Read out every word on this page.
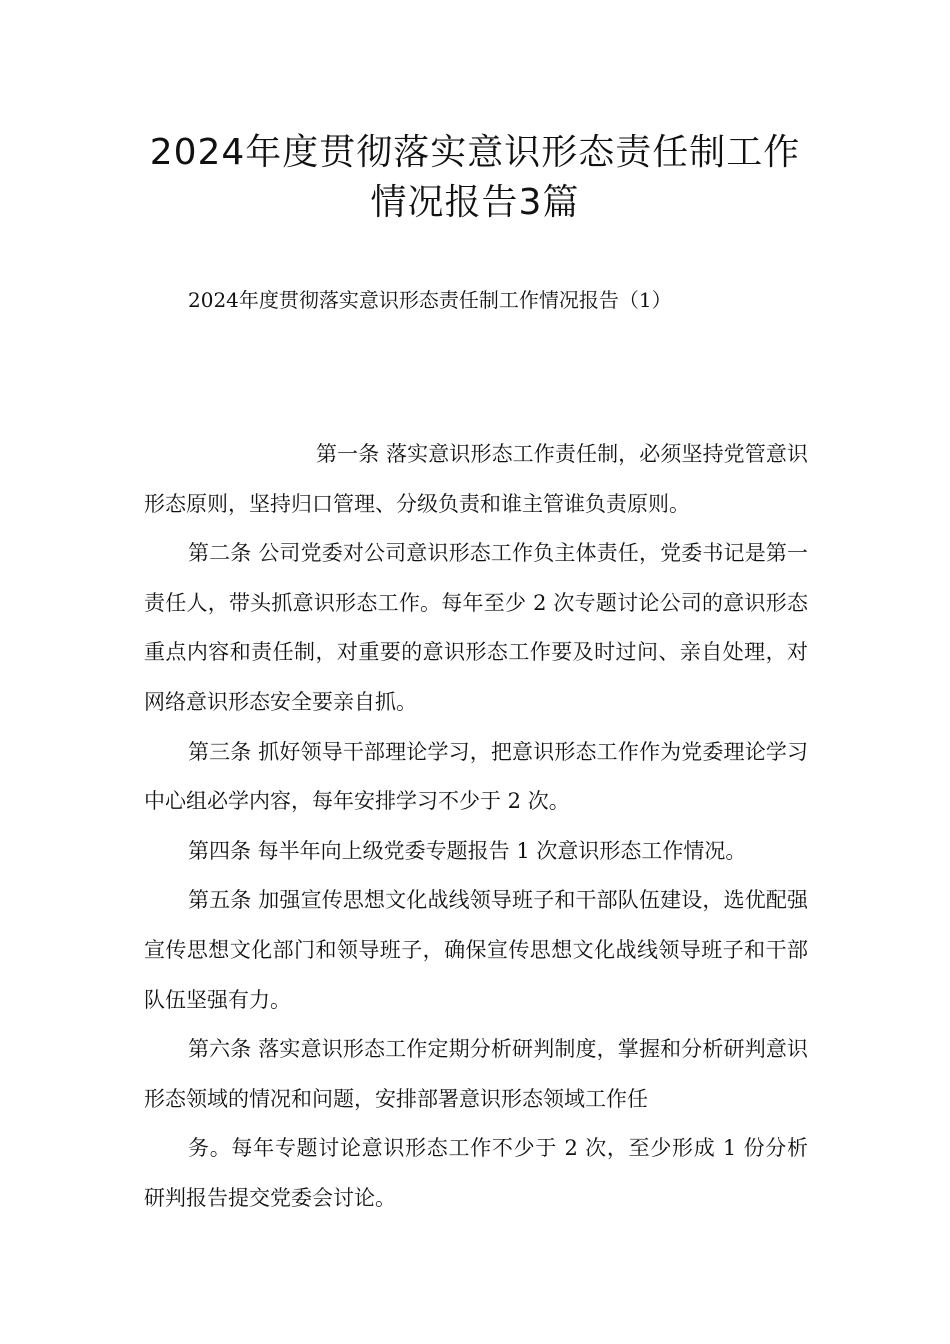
2024年度贯彻落实意识形态责任制工作
情况报告3篇

2024年度贯彻落实意识形态责任制工作情况报告（1）

第一条 落实意识形态工作责任制，必须坚持党管意识形态原则，坚持归口管理、分级负责和谁主管谁负责原则。

第二条 公司党委对公司意识形态工作负主体责任，党委书记是第一责任人，带头抓意识形态工作。每年至少 2 次专题讨论公司的意识形态重点内容和责任制，对重要的意识形态工作要及时过问、亲自处理，对网络意识形态安全要亲自抓。

第三条 抓好领导干部理论学习，把意识形态工作作为党委理论学习中心组必学内容，每年安排学习不少于 2 次。

第四条 每半年向上级党委专题报告 1 次意识形态工作情况。

第五条 加强宣传思想文化战线领导班子和干部队伍建设，选优配强宣传思想文化部门和领导班子，确保宣传思想文化战线领导班子和干部队伍坚强有力。

第六条 落实意识形态工作定期分析研判制度，掌握和分析研判意识形态领域的情况和问题，安排部署意识形态领域工作任

务。每年专题讨论意识形态工作不少于 2 次，至少形成 1 份分析研判报告提交党委会讨论。
